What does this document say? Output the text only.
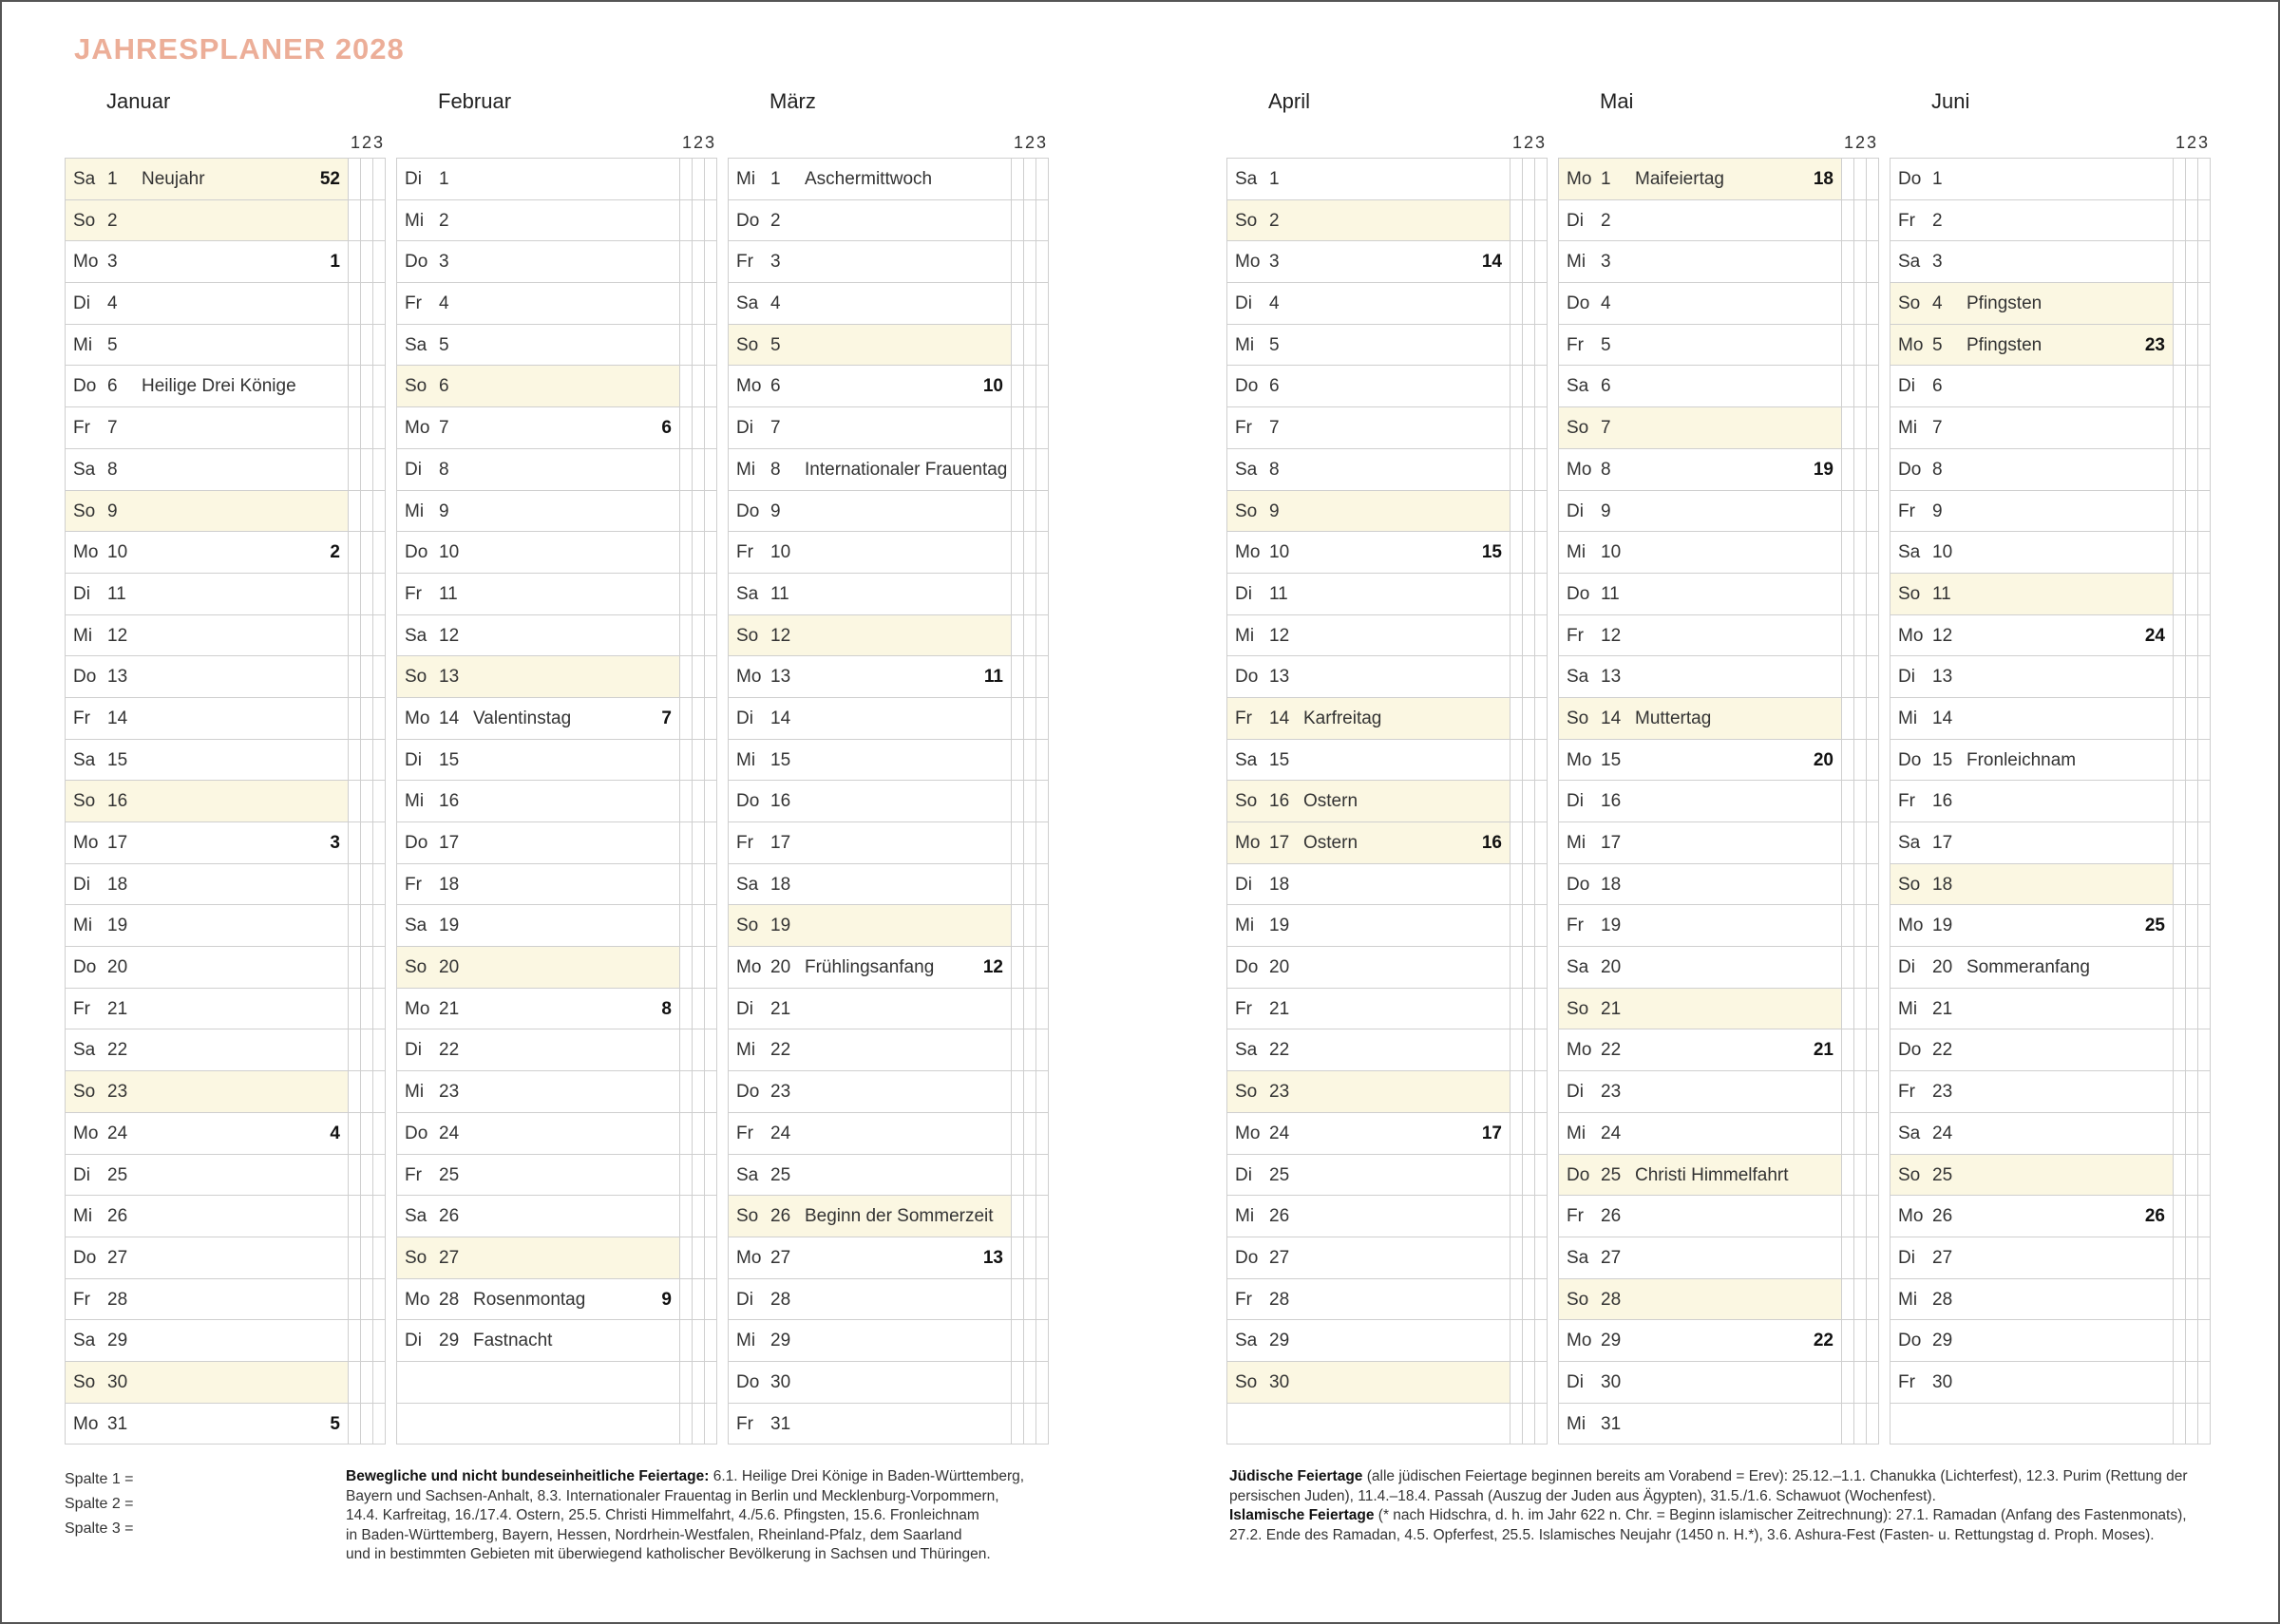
JAHRESPLANER 2028
Januar
1 2 3
Sa 1 Neujahr	52
So 2
Mo 3	1
Di 4
Mi 5
Do 6 Heilige Drei Könige
Fr 7
Sa 8
So 9
Mo 10	2
Di 11
Mi 12
Do 13
Fr 14
Sa 15
So 16
Mo 17	3
Di 18
Mi 19
Do 20
Fr 21
Sa 22
So 23
Mo 24	4
Di 25
Mi 26
Do 27
Fr 28
Sa 29
So 30
Mo 31	5
Februar
1 2 3
Di 1
Mi 2
Do 3
Fr 4
Sa 5
So 6
Mo 7	6
Di 8
Mi 9
Do 10
Fr 11
Sa 12
So 13
Mo 14 Valentinstag	7
Di 15
Mi 16
Do 17
Fr 18
Sa 19
So 20
Mo 21	8
Di 22
Mi 23
Do 24
Fr 25
Sa 26
So 27
Mo 28 Rosenmontag	9
Di 29 Fastnacht
März
1 2 3
Mi 1 Aschermittwoch
Do 2
Fr 3
Sa 4
So 5
Mo 6	10
Di 7
Mi 8 Internationaler Frauentag
Do 9
Fr 10
Sa 11
So 12
Mo 13	11
Di 14
Mi 15
Do 16
Fr 17
Sa 18
So 19
Mo 20 Frühlingsanfang	12
Di 21
Mi 22
Do 23
Fr 24
Sa 25
So 26 Beginn der Sommerzeit
Mo 27	13
Di 28
Mi 29
Do 30
Fr 31
April
1 2 3
Sa 1
So 2
Mo 3	14
Di 4
Mi 5
Do 6
Fr 7
Sa 8
So 9
Mo 10	15
Di 11
Mi 12
Do 13
Fr 14 Karfreitag
Sa 15
So 16 Ostern
Mo 17 Ostern	16
Di 18
Mi 19
Do 20
Fr 21
Sa 22
So 23
Mo 24	17
Di 25
Mi 26
Do 27
Fr 28
Sa 29
So 30
Mai
1 2 3
Mo 1 Maifeiertag	18
Di 2
Mi 3
Do 4
Fr 5
Sa 6
So 7
Mo 8	19
Di 9
Mi 10
Do 11
Fr 12
Sa 13
So 14 Muttertag
Mo 15	20
Di 16
Mi 17
Do 18
Fr 19
Sa 20
So 21
Mo 22	21
Di 23
Mi 24
Do 25 Christi Himmelfahrt
Fr 26
Sa 27
So 28
Mo 29	22
Di 30
Mi 31
Juni
1 2 3
Do 1
Fr 2
Sa 3
So 4 Pfingsten
Mo 5 Pfingsten	23
Di 6
Mi 7
Do 8
Fr 9
Sa 10
So 11
Mo 12	24
Di 13
Mi 14
Do 15 Fronleichnam
Fr 16
Sa 17
So 18
Mo 19	25
Di 20 Sommeranfang
Mi 21
Do 22
Fr 23
Sa 24
So 25
Mo 26	26
Di 27
Mi 28
Do 29
Fr 30
Spalte 1 =
Spalte 2 =
Spalte 3 =
Bewegliche und nicht bundeseinheitliche Feiertage: 6.1. Heilige Drei Könige in Baden-Württemberg,
Bayern und Sachsen-Anhalt, 8.3. Internationaler Frauentag in Berlin und Mecklenburg-Vorpommern,
14.4. Karfreitag, 16./17.4. Ostern, 25.5. Christi Himmelfahrt, 4./5.6. Pfingsten, 15.6. Fronleichnam
in Baden-Württemberg, Bayern, Hessen, Nordrhein-Westfalen, Rheinland-Pfalz, dem Saarland
und in bestimmten Gebieten mit überwiegend katholischer Bevölkerung in Sachsen und Thüringen.
Jüdische Feiertage (alle jüdischen Feiertage beginnen bereits am Vorabend = Erev): 25.12.–1.1. Chanukka (Lichterfest), 12.3. Purim (Rettung der
persischen Juden), 11.4.–18.4. Passah (Auszug der Juden aus Ägypten), 31.5./1.6. Schawuot (Wochenfest).
Islamische Feiertage (* nach Hidschra, d. h. im Jahr 622 n. Chr. = Beginn islamischer Zeitrechnung): 27.1. Ramadan (Anfang des Fastenmonats),
27.2. Ende des Ramadan, 4.5. Opferfest, 25.5. Islamisches Neujahr (1450 n. H.*), 3.6. Ashura-Fest (Fasten- u. Rettungstag d. Proph. Moses).
